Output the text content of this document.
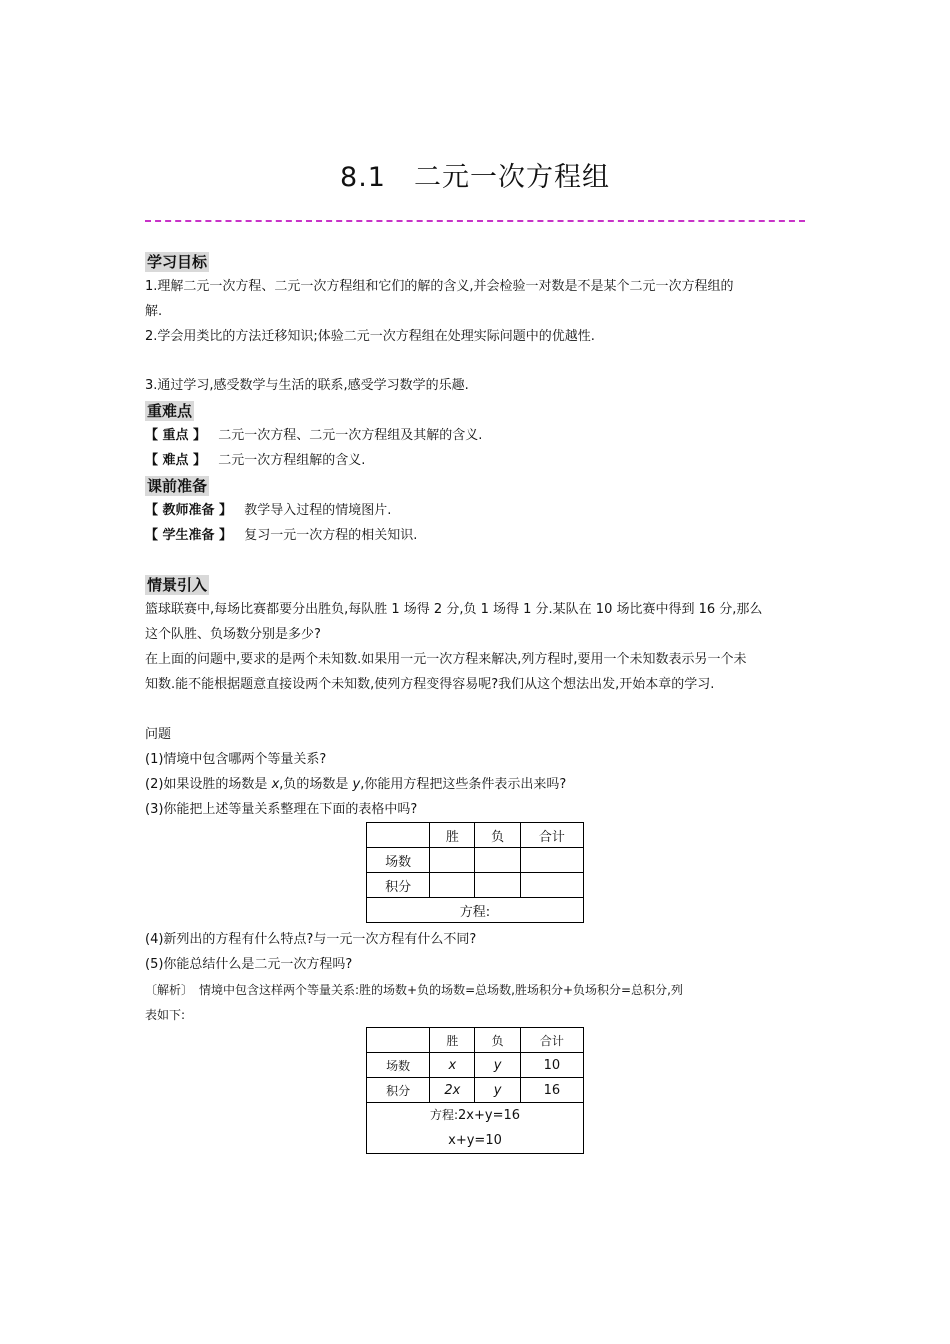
8.1　二元一次方程组
学习目标
1.理解二元一次方程、二元一次方程组和它们的解的含义,并会检验一对数是不是某个二元一次方程组的
解.
2.学会用类比的方法迁移知识;体验二元一次方程组在处理实际问题中的优越性.
3.通过学习,感受数学与生活的联系,感受学习数学的乐趣.
重难点
【 重点 】 二元一次方程、二元一次方程组及其解的含义.
【 难点 】 二元一次方程组解的含义.
课前准备
【 教师准备 】 教学导入过程的情境图片.
【 学生准备 】 复习一元一次方程的相关知识.
情景引入
篮球联赛中,每场比赛都要分出胜负,每队胜 1 场得 2 分,负 1 场得 1 分.某队在 10 场比赛中得到 16 分,那么
这个队胜、负场数分别是多少?
在上面的问题中,要求的是两个未知数.如果用一元一次方程来解决,列方程时,要用一个未知数表示另一个未
知数.能不能根据题意直接设两个未知数,使列方程变得容易呢?我们从这个想法出发,开始本章的学习.
问题
(1)情境中包含哪两个等量关系?
(2)如果设胜的场数是 x,负的场数是 y,你能用方程把这些条件表示出来吗?
(3)你能把上述等量关系整理在下面的表格中吗?
	胜	负	合计
场数			
积分			
方程:			
(4)新列出的方程有什么特点?与一元一次方程有什么不同?
(5)你能总结什么是二元一次方程吗?
〔解析〕　情境中包含这样两个等量关系:胜的场数+负的场数=总场数,胜场积分+负场积分=总积分,列
表如下:
	胜	负	合计
场数	x	y	10
积分	2x	y	16

方程:2x+y=16
x+y=10			
